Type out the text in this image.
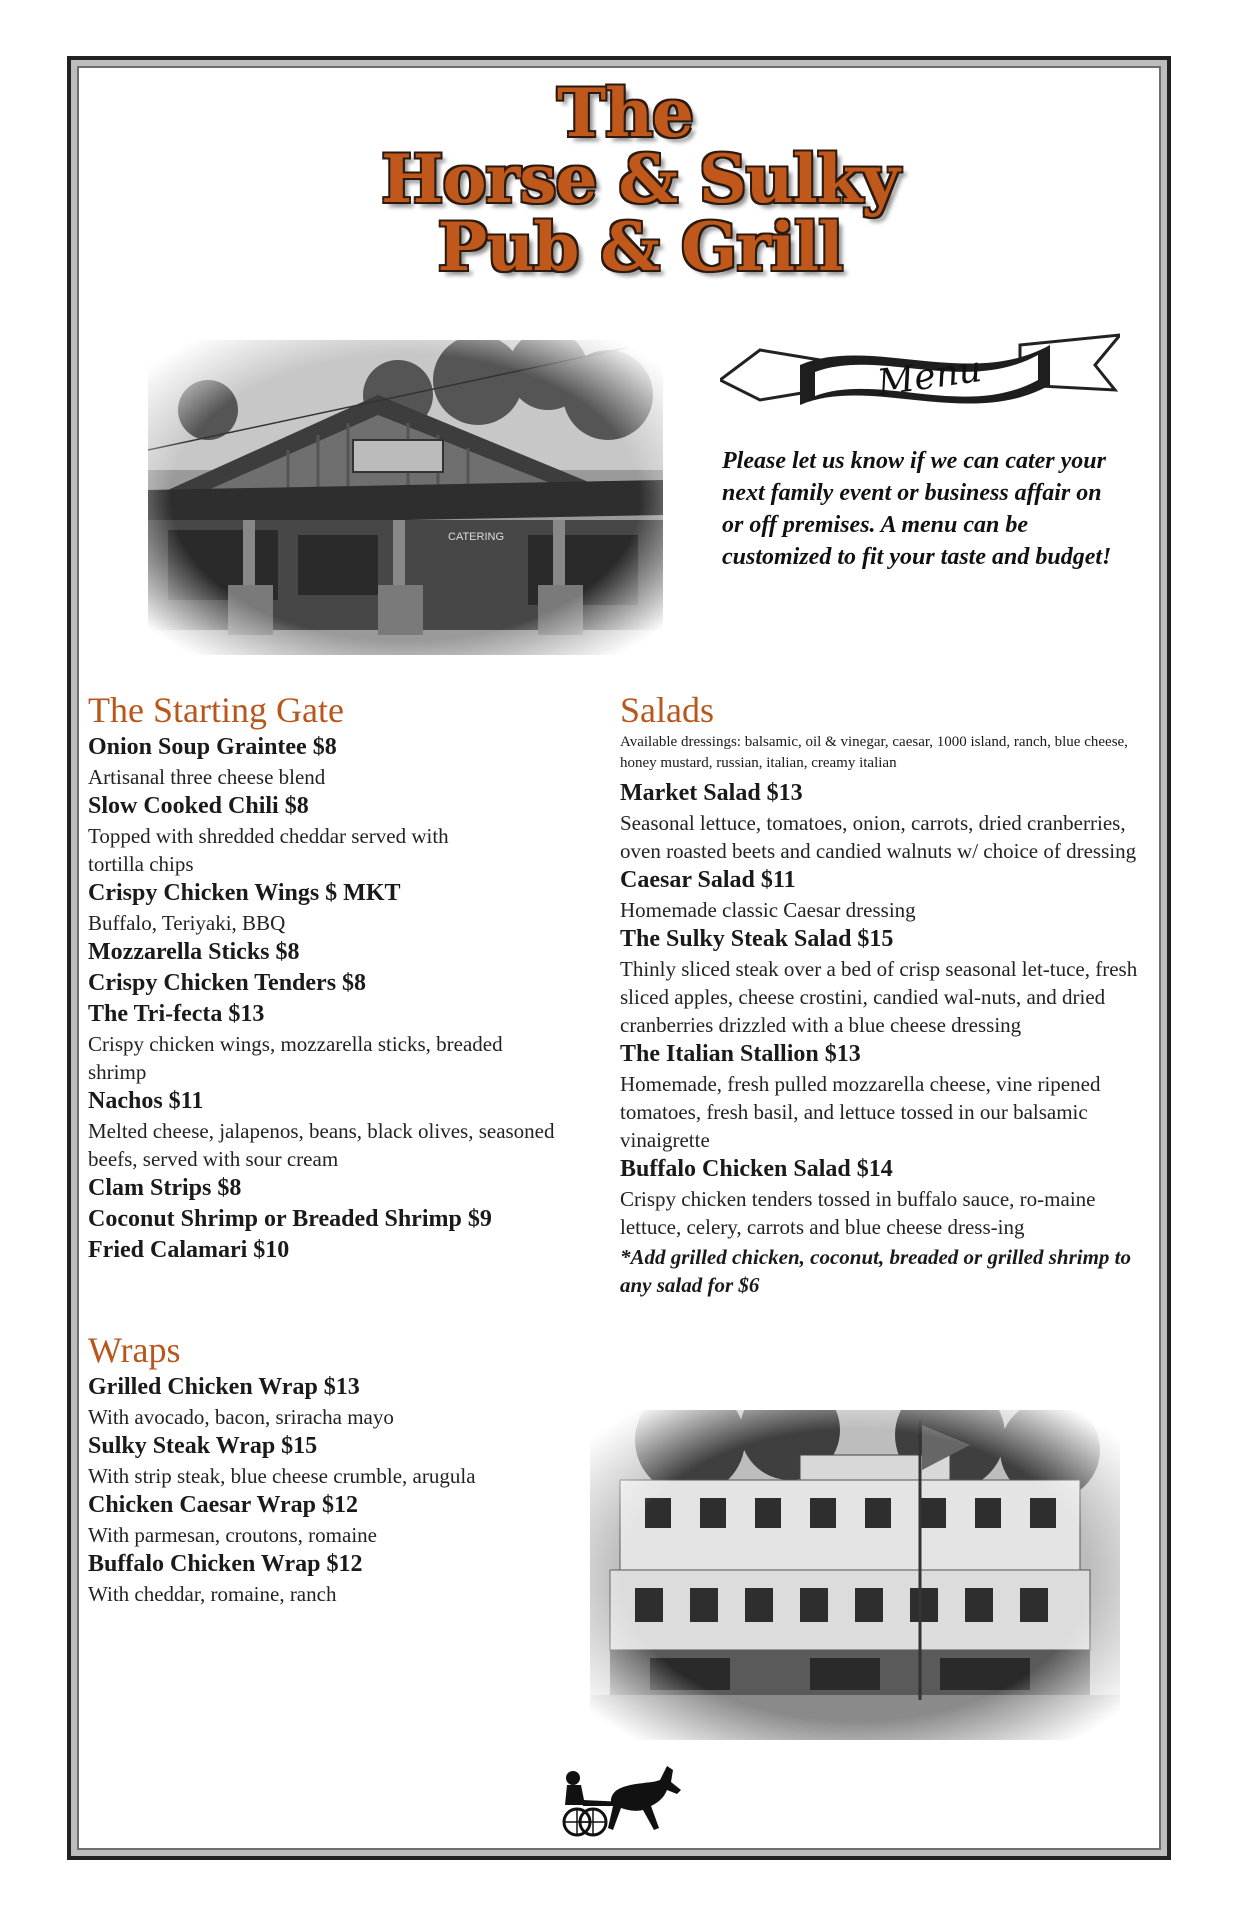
The
Horse & Sulky
Pub & Grill
Menu
Please let us know if we can cater your next family event or business affair on or off premises. A menu can be customized to fit your taste and budget!
The Starting Gate

Onion Soup Graintee $8

Artisanal three cheese blend

Slow Cooked Chili $8

Topped with shredded cheddar served with tortilla chips

Crispy Chicken Wings $ MKT

Buffalo, Teriyaki, BBQ

Mozzarella Sticks $8

Crispy Chicken Tenders $8

The Tri-fecta $13

Crispy chicken wings, mozzarella sticks, breaded shrimp

Nachos $11

Melted cheese, jalapenos, beans, black olives, seasoned beefs, served with sour cream

Clam Strips $8

Coconut Shrimp or Breaded Shrimp $9

Fried Calamari $10

Wraps

Grilled Chicken Wrap $13

With avocado, bacon, sriracha mayo

Sulky Steak Wrap $15

With strip steak, blue cheese crumble, arugula

Chicken Caesar Wrap $12

With parmesan, croutons, romaine

Buffalo Chicken Wrap $12

With cheddar, romaine, ranch

Salads

Available dressings: balsamic, oil & vinegar, caesar, 1000 island, ranch, blue cheese, honey mustard, russian, italian, creamy italian

Market Salad $13

Seasonal lettuce, tomatoes, onion, carrots, dried cranberries, oven roasted beets and candied walnuts w/ choice of dressing

Caesar Salad $11

Homemade classic Caesar dressing

The Sulky Steak Salad $15

Thinly sliced steak over a bed of crisp seasonal let-tuce, fresh sliced apples, cheese crostini, candied wal-nuts, and dried cranberries drizzled with a blue cheese dressing

The Italian Stallion $13

Homemade, fresh pulled mozzarella cheese, vine ripened tomatoes, fresh basil, and lettuce tossed in our balsamic vinaigrette

Buffalo Chicken Salad $14

Crispy chicken tenders tossed in buffalo sauce, ro-maine lettuce, celery, carrots and blue cheese dress-ing

*Add grilled chicken, coconut, breaded or grilled shrimp to any salad for $6
